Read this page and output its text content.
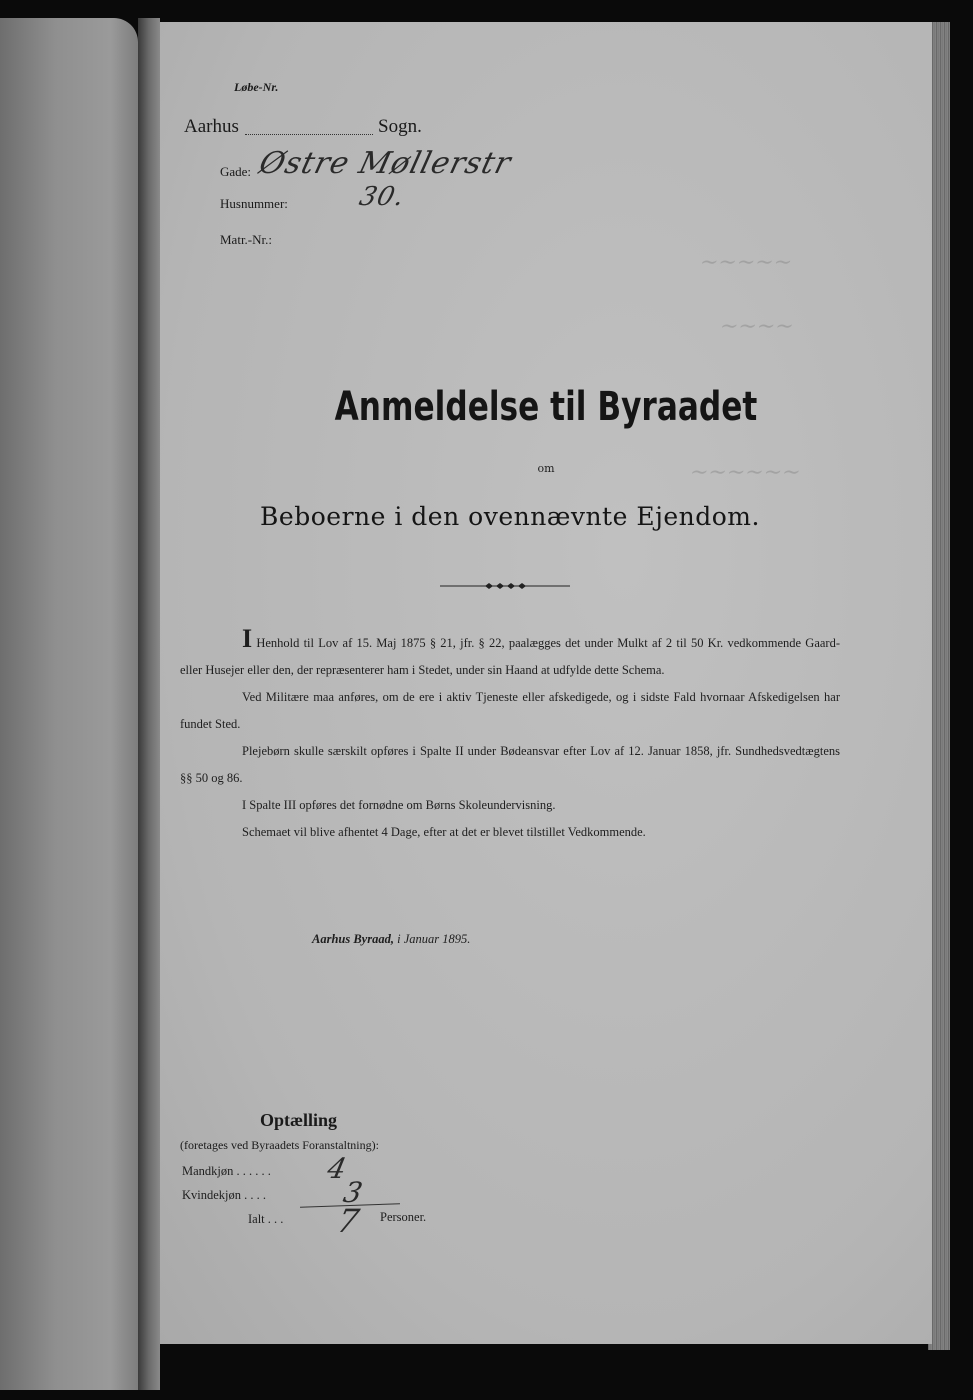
~~~~~
~~~~
~~~~~~
Løbe-Nr.
Aarhus	Sogn.
Gade: Østre Møllerstr
Husnummer:	30.
Matr.-Nr.:
Anmeldelse til Byraadet
om
Beboerne i den ovennævnte Ejendom.

I Henhold til Lov af 15. Maj 1875 § 21, jfr. § 22, paalægges det under Mulkt af 2 til 50 Kr. vedkommende Gaard- eller Husejer eller den, der repræsenterer ham i Stedet, under sin Haand at udfylde dette Schema.

Ved Militære maa anføres, om de ere i aktiv Tjeneste eller afskedigede, og i sidste Fald hvornaar Afskedigelsen har fundet Sted.

Plejebørn skulle særskilt opføres i Spalte II under Bødeansvar efter Lov af 12. Januar 1858, jfr. Sundhedsvedtægtens §§ 50 og 86.

I Spalte III opføres det fornødne om Børns Skoleundervisning.

Schemaet vil blive afhentet 4 Dage, efter at det er blevet tilstillet Vedkommende.

Aarhus Byraad, i Januar 1895.
Optælling
(foretages ved Byraadets Foranstaltning):
Mandkjøn . . . . . . 4
Kvindekjøn . . . .	3
Ialt . . . 7 Personer.
